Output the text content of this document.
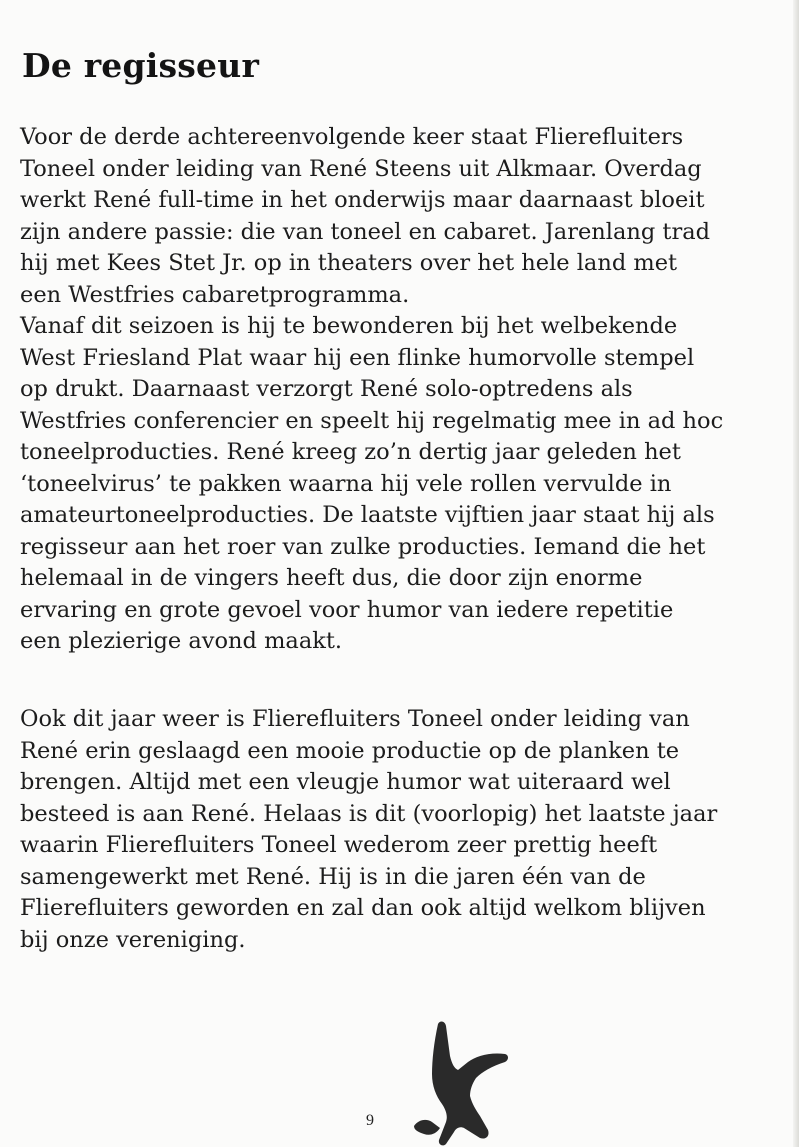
De regisseur

Voor de derde achtereenvolgende keer staat Flierefluiters
Toneel onder leiding van René Steens uit Alkmaar. Overdag
werkt René full-time in het onderwijs maar daarnaast bloeit
zijn andere passie: die van toneel en cabaret. Jarenlang trad
hij met Kees Stet Jr. op in theaters over het hele land met
een Westfries cabaretprogramma.
Vanaf dit seizoen is hij te bewonderen bij het welbekende
West Friesland Plat waar hij een flinke humorvolle stempel
op drukt. Daarnaast verzorgt René solo-optredens als
Westfries conferencier en speelt hij regelmatig mee in ad hoc
toneelproducties. René kreeg zo’n dertig jaar geleden het
‘toneelvirus’ te pakken waarna hij vele rollen vervulde in
amateurtoneelproducties. De laatste vijftien jaar staat hij als
regisseur aan het roer van zulke producties. Iemand die het
helemaal in de vingers heeft dus, die door zijn enorme
ervaring en grote gevoel voor humor van iedere repetitie
een plezierige avond maakt.

Ook dit jaar weer is Flierefluiters Toneel onder leiding van
René erin geslaagd een mooie productie op de planken te
brengen. Altijd met een vleugje humor wat uiteraard wel
besteed is aan René. Helaas is dit (voorlopig) het laatste jaar
waarin Flierefluiters Toneel wederom zeer prettig heeft
samengewerkt met René. Hij is in die jaren één van de
Flierefluiters geworden en zal dan ook altijd welkom blijven
bij onze vereniging.

9
